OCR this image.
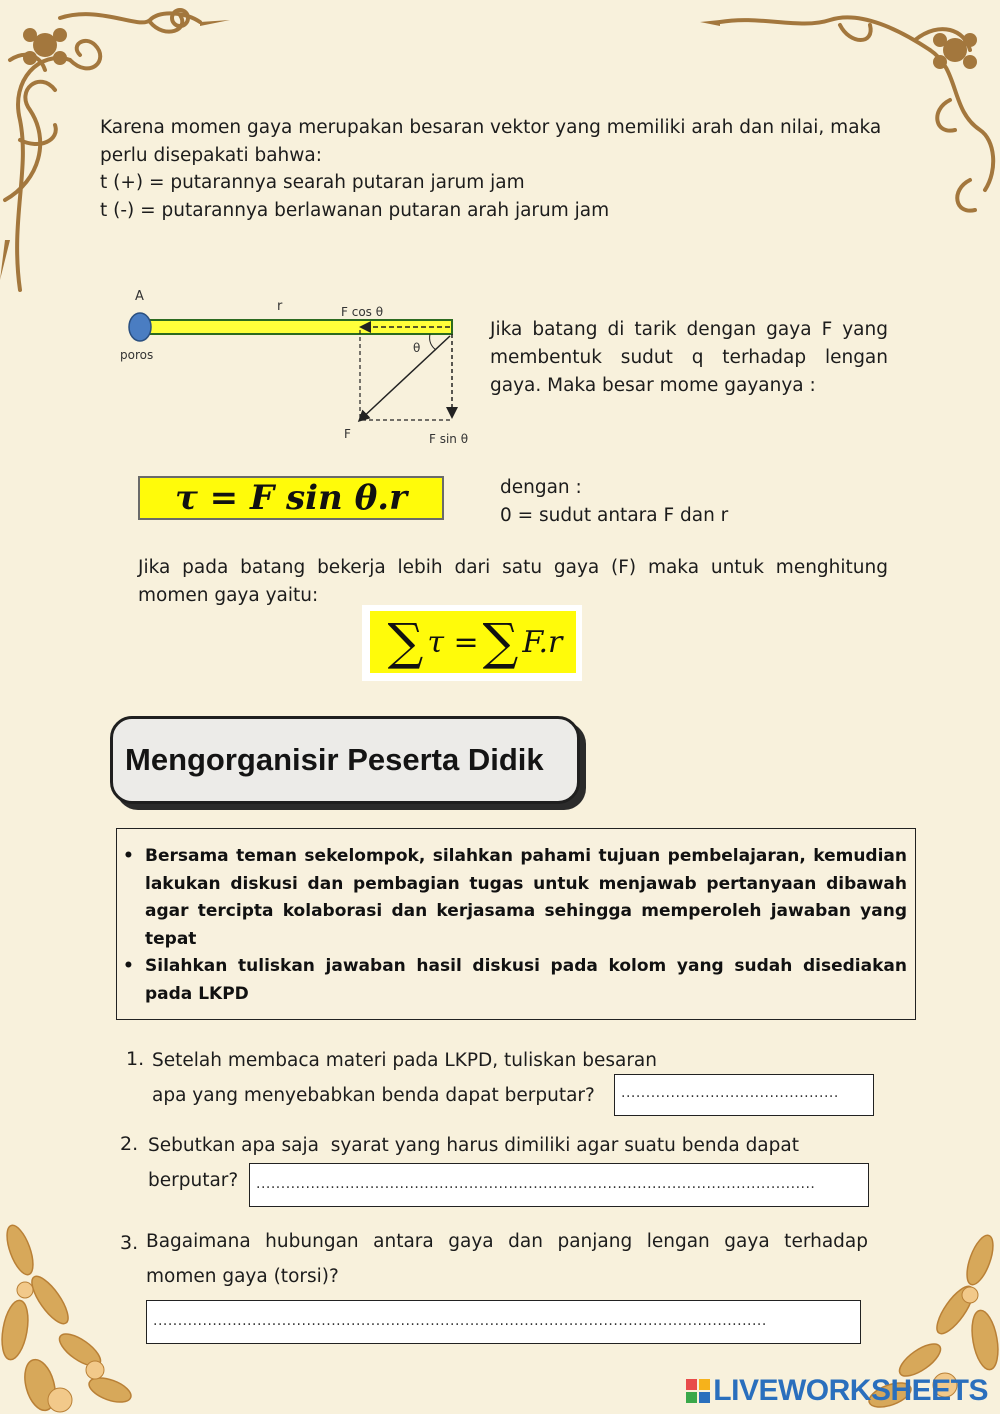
Karena momen gaya merupakan besaran vektor yang memiliki arah dan nilai, maka

perlu disepakati bahwa:

t (+) = putarannya searah putaran jarum jam

t (-) = putarannya berlawanan putaran arah jarum jam

A
r	F cos θ
θ
poros
F	F sin θ
Jika batang di tarik dengan gaya F yang membentuk sudut q terhadap lengan gaya. Maka besar mome gayanya :
τ = F sin θ.r	dengan :
0 = sudut antara F dan r
Jika pada batang bekerja lebih dari satu gaya (F) maka untuk menghitung momen gaya yaitu:
∑ τ = ∑ F.r
Mengorganisir Peserta Didik
• Bersama teman sekelompok, silahkan pahami tujuan pembelajaran, kemudian lakukan diskusi dan pembagian tugas untuk menjawab pertanyaan dibawah agar tercipta kolaborasi dan kerjasama sehingga memperoleh jawaban yang tepat
• Silahkan tuliskan jawaban hasil diskusi pada kolom yang sudah disediakan pada LKPD
1. Setelah membaca materi pada LKPD, tuliskan besaran
apa yang menyebabkan benda dapat berputar? ............................................
2. Sebutkan apa saja  syarat yang harus dimiliki agar suatu benda dapat
berputar? .................................................................................................................
3. Bagaimana hubungan antara gaya dan panjang lengan gaya terhadap
momen gaya (torsi)?
............................................................................................................................
LIVEWORKSHEETS
